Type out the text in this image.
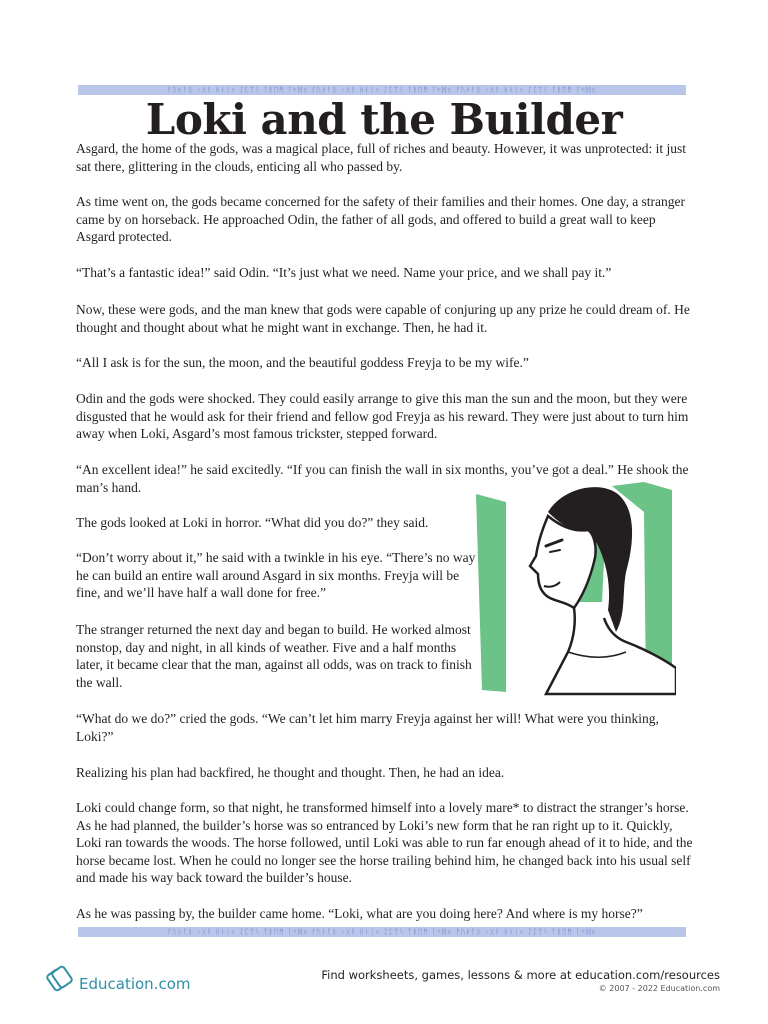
ᚠᚢᚦᚨᚱ ᚲᚷᚹ ᚺᚾᛁᛃ ᛇᛈᛉᛊ ᛏᛒᛖᛗ ᛚᛜᛞᛟ ᚠᚢᚦᚨᚱ ᚲᚷᚹ ᚺᚾᛁᛃ ᛇᛈᛉᛊ ᛏᛒᛖᛗ ᛚᛜᛞᛟ ᚠᚢᚦᚨᚱ ᚲᚷᚹ ᚺᚾᛁᛃ ᛇᛈᛉᛊ ᛏᛒᛖᛗ ᛚᛜᛞᛟ
Loki and the Builder

Asgard, the home of the gods, was a magical place, full of riches and beauty. However, it was unprotected: it just sat there, glittering in the clouds, enticing all who passed by.

As time went on, the gods became concerned for the safety of their families and their homes. One day, a stranger came by on horseback. He approached Odin, the father of all gods, and offered to build a great wall to keep Asgard protected.

“That’s a fantastic idea!” said Odin. “It’s just what we need. Name your price, and we shall pay it.”

Now, these were gods, and the man knew that gods were capable of conjuring up any prize he could dream of. He thought and thought about what he might want in exchange. Then, he had it.

“All I ask is for the sun, the moon, and the beautiful goddess Freyja to be my wife.”

Odin and the gods were shocked. They could easily arrange to give this man the sun and the moon, but they were disgusted that he would ask for their friend and fellow god Freyja as his reward. They were just about to turn him away when Loki, Asgard’s most famous trickster, stepped forward.

“An excellent idea!” he said excitedly. “If you can finish the wall in six months, you’ve got a deal.” He shook the man’s hand.

The gods looked at Loki in horror. “What did you do?” they said.

“Don’t worry about it,” he said with a twinkle in his eye. “There’s no way he can build an entire wall around Asgard in six months. Freyja will be fine, and we’ll have half a wall done for free.”

The stranger returned the next day and began to build. He worked almost nonstop, day and night, in all kinds of weather. Five and a half months later, it became clear that the man, against all odds, was on track to finish the wall.

“What do we do?” cried the gods. “We can’t let him marry Freyja against her will! What were you thinking, Loki?”

Realizing his plan had backfired, he thought and thought. Then, he had an idea.

Loki could change form, so that night, he transformed himself into a lovely mare* to distract the stranger’s horse. As he had planned, the builder’s horse was so entranced by Loki’s new form that he ran right up to it. Quickly, Loki ran towards the woods. The horse followed, until Loki was able to run far enough ahead of it to hide, and the horse became lost. When he could no longer see the horse trailing behind him, he changed back into his usual self and made his way back toward the builder’s house.

As he was passing by, the builder came home. “Loki, what are you doing here? And where is my horse?”

ᚠᚢᚦᚨᚱ ᚲᚷᚹ ᚺᚾᛁᛃ ᛇᛈᛉᛊ ᛏᛒᛖᛗ ᛚᛜᛞᛟ ᚠᚢᚦᚨᚱ ᚲᚷᚹ ᚺᚾᛁᛃ ᛇᛈᛉᛊ ᛏᛒᛖᛗ ᛚᛜᛞᛟ ᚠᚢᚦᚨᚱ ᚲᚷᚹ ᚺᚾᛁᛃ ᛇᛈᛉᛊ ᛏᛒᛖᛗ ᛚᛜᛞᛟ
Education.com	Find worksheets, games, lessons & more at education.com/resources
© 2007 - 2022 Education.com
